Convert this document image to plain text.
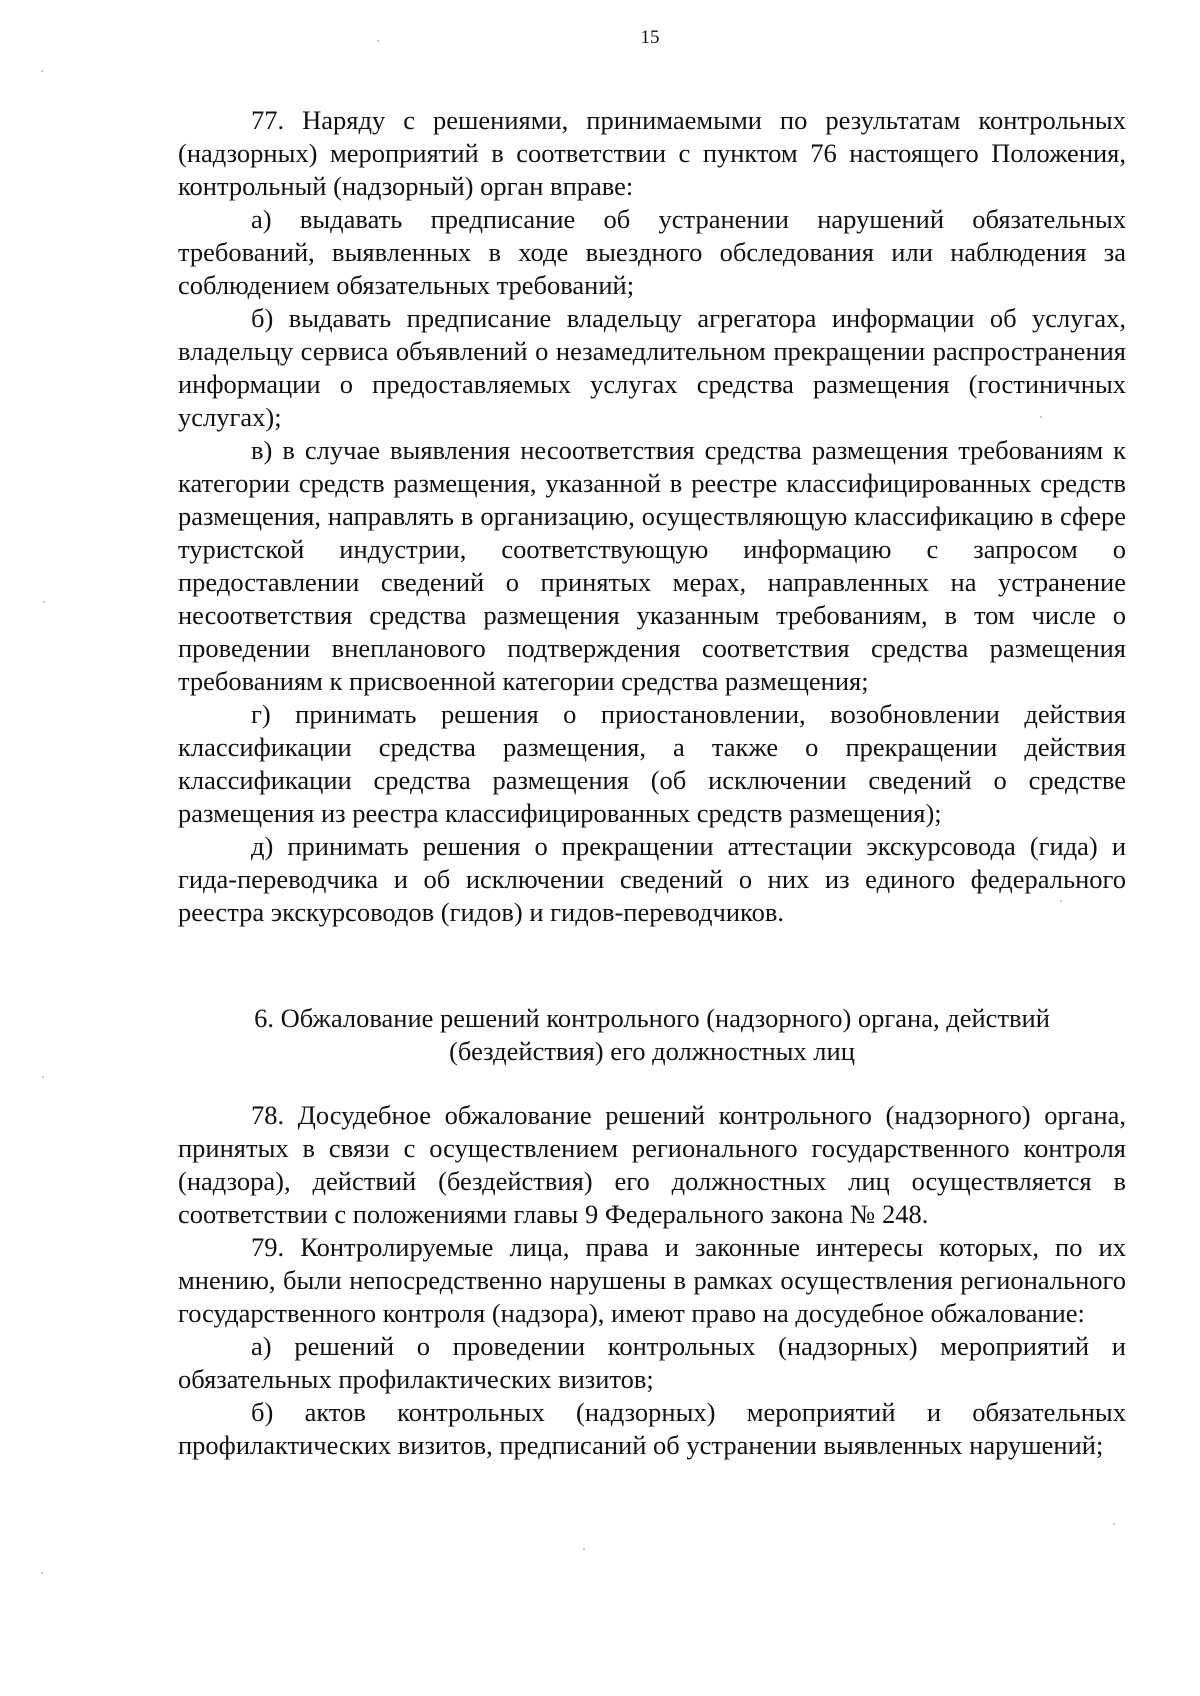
15

77. Наряду с решениями, принимаемыми по результатам контрольных (надзорных) мероприятий в соответствии с пунктом 76 настоящего Положения, контрольный (надзорный) орган вправе:

а) выдавать предписание об устранении нарушений обязательных требований, выявленных в ходе выездного обследования или наблюдения за соблюдением обязательных требований;

б) выдавать предписание владельцу агрегатора информации об услугах, владельцу сервиса объявлений о незамедлительном прекращении распространения информации о предоставляемых услугах средства размещения (гостиничных услугах);

в) в случае выявления несоответствия средства размещения требованиям к категории средств размещения, указанной в реестре классифицированных средств размещения, направлять в организацию, осуществляющую классификацию в сфере туристской индустрии, соответствующую информацию с запросом о предоставлении сведений о принятых мерах, направленных на устранение несоответствия средства размещения указанным требованиям, в том числе о проведении внепланового подтверждения соответствия средства размещения требованиям к присвоенной категории средства размещения;

г) принимать решения о приостановлении, возобновлении действия классификации средства размещения, а также о прекращении действия классификации средства размещения (об исключении сведений о средстве размещения из реестра классифицированных средств размещения);

д) принимать решения о прекращении аттестации экскурсовода (гида) и гида-переводчика и об исключении сведений о них из единого федерального реестра экскурсоводов (гидов) и гидов-переводчиков.

6. Обжалование решений контрольного (надзорного) органа, действий
(бездействия) его должностных лиц

78. Досудебное обжалование решений контрольного (надзорного) органа, принятых в связи с осуществлением регионального государственного контроля (надзора), действий (бездействия) его должностных лиц осуществляется в соответствии с положениями главы 9 Федерального закона № 248.

79. Контролируемые лица, права и законные интересы которых, по их мнению, были непосредственно нарушены в рамках осуществления регионального государственного контроля (надзора), имеют право на досудебное обжалование:

а) решений о проведении контрольных (надзорных) мероприятий и обязательных профилактических визитов;

б) актов контрольных (надзорных) мероприятий и обязательных профилактических визитов, предписаний об устранении выявленных нарушений;
